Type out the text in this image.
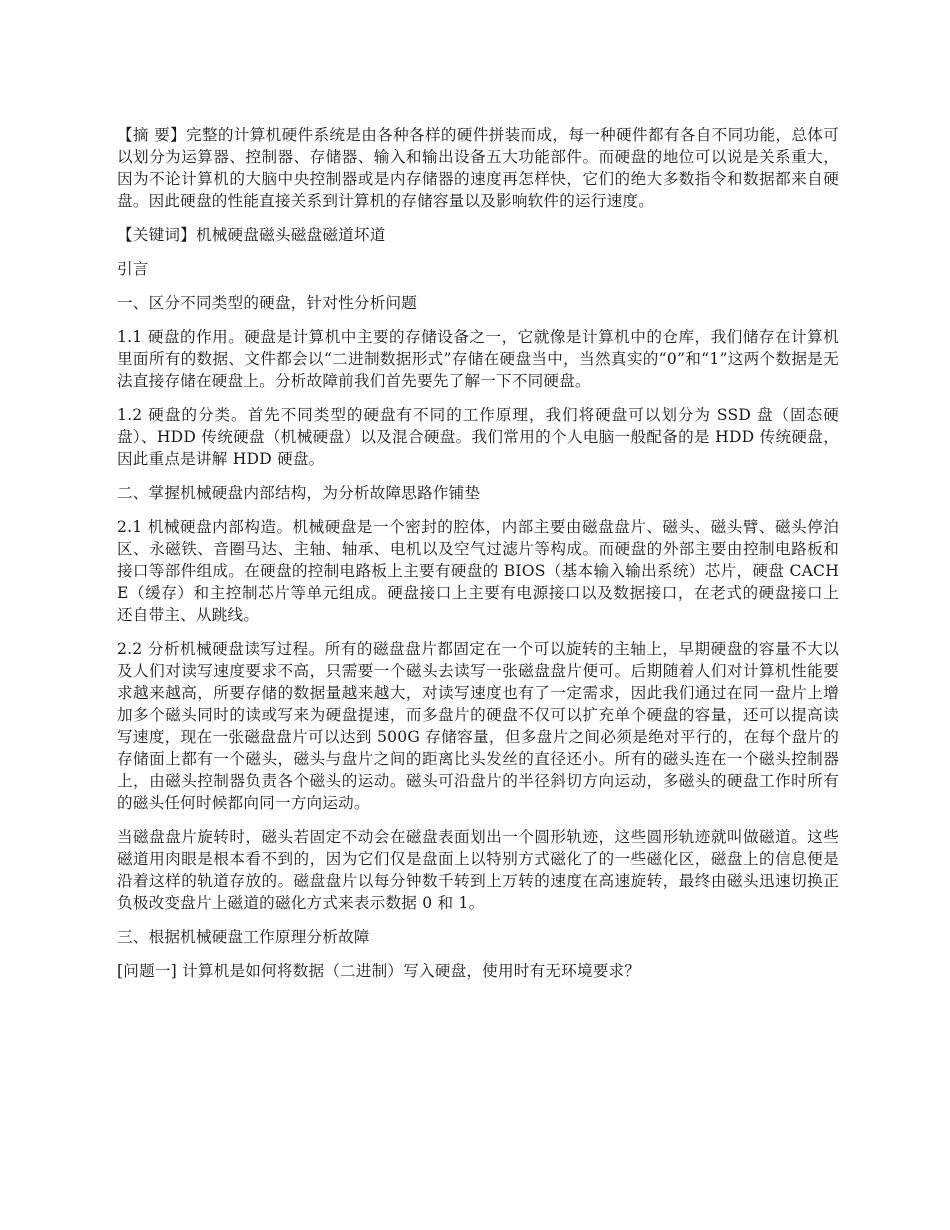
【摘 要】完整的计算机硬件系统是由各种各样的硬件拼装而成，每一种硬件都有各自不同功能，总体可以划分为运算器、控制器、存储器、输入和输出设备五大功能部件。而硬盘的地位可以说是关系重大，因为不论计算机的大脑中央控制器或是内存储器的速度再怎样快，它们的绝大多数指令和数据都来自硬盘。因此硬盘的性能直接关系到计算机的存储容量以及影响软件的运行速度。

【关键词】机械硬盘磁头磁盘磁道坏道

引言

一、区分不同类型的硬盘，针对性分析问题

1.1 硬盘的作用。硬盘是计算机中主要的存储设备之一，它就像是计算机中的仓库，我们储存在计算机里面所有的数据、文件都会以“二进制数据形式”存储在硬盘当中，当然真实的“0”和“1”这两个数据是无法直接存储在硬盘上。分析故障前我们首先要先了解一下不同硬盘。

1.2 硬盘的分类。首先不同类型的硬盘有不同的工作原理，我们将硬盘可以划分为 SSD 盘（固态硬盘）、HDD 传统硬盘（机械硬盘）以及混合硬盘。我们常用的个人电脑一般配备的是 HDD 传统硬盘，因此重点是讲解 HDD 硬盘。

二、掌握机械硬盘内部结构，为分析故障思路作铺垫

2.1 机械硬盘内部构造。机械硬盘是一个密封的腔体，内部主要由磁盘盘片、磁头、磁头臂、磁头停泊区、永磁铁、音圈马达、主轴、轴承、电机以及空气过滤片等构成。而硬盘的外部主要由控制电路板和接口等部件组成。在硬盘的控制电路板上主要有硬盘的 BIOS（基本输入输出系统）芯片，硬盘 CACHE（缓存）和主控制芯片等单元组成。硬盘接口上主要有电源接口以及数据接口，在老式的硬盘接口上还自带主、从跳线。

2.2 分析机械硬盘读写过程。所有的磁盘盘片都固定在一个可以旋转的主轴上，早期硬盘的容量不大以及人们对读写速度要求不高，只需要一个磁头去读写一张磁盘盘片便可。后期随着人们对计算机性能要求越来越高，所要存储的数据量越来越大，对读写速度也有了一定需求，因此我们通过在同一盘片上增加多个磁头同时的读或写来为硬盘提速，而多盘片的硬盘不仅可以扩充单个硬盘的容量，还可以提高读写速度，现在一张磁盘盘片可以达到 500G 存储容量，但多盘片之间必须是绝对平行的，在每个盘片的存储面上都有一个磁头，磁头与盘片之间的距离比头发丝的直径还小。所有的磁头连在一个磁头控制器上，由磁头控制器负责各个磁头的运动。磁头可沿盘片的半径斜切方向运动，多磁头的硬盘工作时所有的磁头任何时候都向同一方向运动。

当磁盘盘片旋转时，磁头若固定不动会在磁盘表面划出一个圆形轨迹，这些圆形轨迹就叫做磁道。这些磁道用肉眼是根本看不到的，因为它们仅是盘面上以特别方式磁化了的一些磁化区，磁盘上的信息便是沿着这样的轨道存放的。磁盘盘片以每分钟数千转到上万转的速度在高速旋转，最终由磁头迅速切换正负极改变盘片上磁道的磁化方式来表示数据 0 和 1。

三、根据机械硬盘工作原理分析故障

[问题一] 计算机是如何将数据（二进制）写入硬盘，使用时有无环境要求？
